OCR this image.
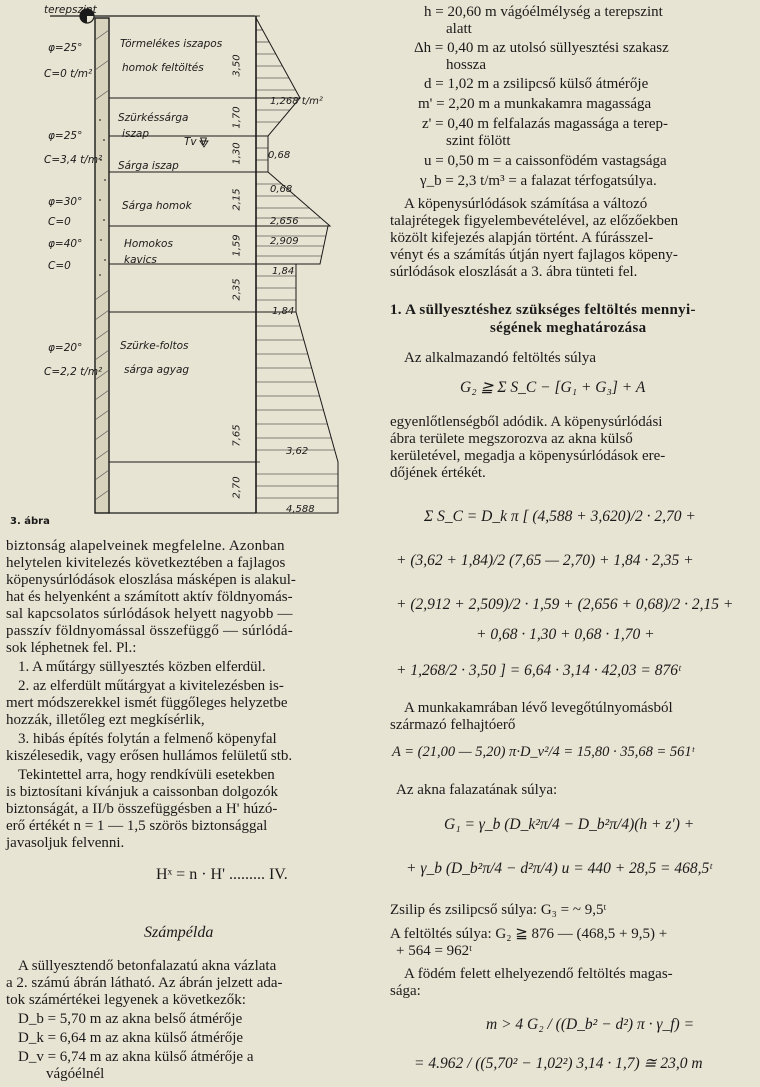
terepszint
φ=25°
C=0 t/m²
φ=25°
C=3,4 t/m²
φ=30°
C=0
φ=40°
C=0
φ=20°
C=2,2 t/m²
Törmelékes iszapos
homok feltöltés
Szürkéssárga
iszap
Tv ∇
Sárga iszap
Sárga homok
Homokos
kavics
Szürke-foltos
sárga agyag
3,50
1,70
1,30
2,15
1,59
2,35
7,65
2,70
1,268 t/m²
0,68
0,68
2,656
2,909
1,84
1,84
3,62
4,588
3. ábra
biztonság alapelveinek megfelelne. Azonban
helytelen kivitelezés következtében a fajlagos
köpenysúrlódások eloszlása másképen is alakul-
hat és helyenként a számított aktív földnyomás-
sal kapcsolatos súrlódások helyett nagyobb —
passzív földnyomással összefüggő — súrlódá-
sok léphetnek fel. Pl.:
1. A műtárgy süllyesztés közben elferdül.
2. az elferdült műtárgyat a kivitelezésben is-
mert módszerekkel ismét függőleges helyzetbe
hozzák, illetőleg ezt megkísérlik,
3. hibás építés folytán a felmenő köpenyfal
kiszélesedik, vagy erősen hullámos felületű stb.
Tekintettel arra, hogy rendkívüli esetekben
is biztosítani kívánjuk a caissonban dolgozók
biztonságát, a II/b összefüggésben a H' húzó-
erő értékét n = 1 — 1,5 szörös biztonsággal
javasoljuk felvenni.
Hˣ = n · H' ......... IV.
Számpélda
A süllyesztendő betonfalazatú akna vázlata
a 2. számú ábrán látható. Az ábrán jelzett ada-
tok számértékei legyenek a következők:
D_b = 5,70 m az akna belső átmérője
D_k = 6,64 m az akna külső átmérője
D_v = 6,74 m az akna külső átmérője a
vágóélnél
h = 20,60 m vágóélmélység a terepszint
alatt
Δh = 0,40 m az utolsó süllyesztési szakasz
hossza
d = 1,02 m a zsilipcső külső átmérője
m' = 2,20 m a munkakamra magassága
z' = 0,40 m felfalazás magassága a terep-
szint fölött
u = 0,50 m = a caissonfödém vastagsága
γ_b = 2,3 t/m³ = a falazat térfogatsúlya.
A köpenysúrlódások számítása a változó
talajrétegek figyelembevételével, az előzőekben
közölt kifejezés alapján történt. A fúrásszel-
vényt és a számítás útján nyert fajlagos köpeny-
súrlódások eloszlását a 3. ábra tünteti fel.
1. A süllyesztéshez szükséges feltöltés mennyi-
ségének meghatározása
Az alkalmazandó feltöltés súlya
G₂ ≧ Σ S_C − [G₁ + G₃] + A
egyenlőtlenségből adódik. A köpenysúrlódási
ábra területe megszorozva az akna külső
kerületével, megadja a köpenysúrlódások ere-
dőjének értékét.
Σ S_C = D_k π [ (4,588 + 3,620)/2 · 2,70 +
+ (3,62 + 1,84)/2 (7,65 — 2,70) + 1,84 · 2,35 +
+ (2,912 + 2,509)/2 · 1,59 + (2,656 + 0,68)/2 · 2,15 +
+ 0,68 · 1,30 + 0,68 · 1,70 +
+ 1,268/2 · 3,50 ] = 6,64 · 3,14 · 42,03 = 876ᵗ
A munkakamrában lévő levegőtúlnyomásból
származó felhajtóerő
A = (21,00 — 5,20) π·D_v²/4 = 15,80 · 35,68 = 561ᵗ
Az akna falazatának súlya:
G₁ = γ_b (D_k²π/4 − D_b²π/4)(h + z') +
+ γ_b (D_b²π/4 − d²π/4) u = 440 + 28,5 = 468,5ᵗ
Zsilip és zsilipcső súlya: G₃ = ~ 9,5ᵗ
A feltöltés súlya: G₂ ≧ 876 — (468,5 + 9,5) +
+ 564 = 962ᵗ
A födém felett elhelyezendő feltöltés magas-
sága:
m > 4 G₂ / ((D_b² − d²) π · γ_f) =
= 4.962 / ((5,70² − 1,02²) 3,14 · 1,7) ≅ 23,0 m
